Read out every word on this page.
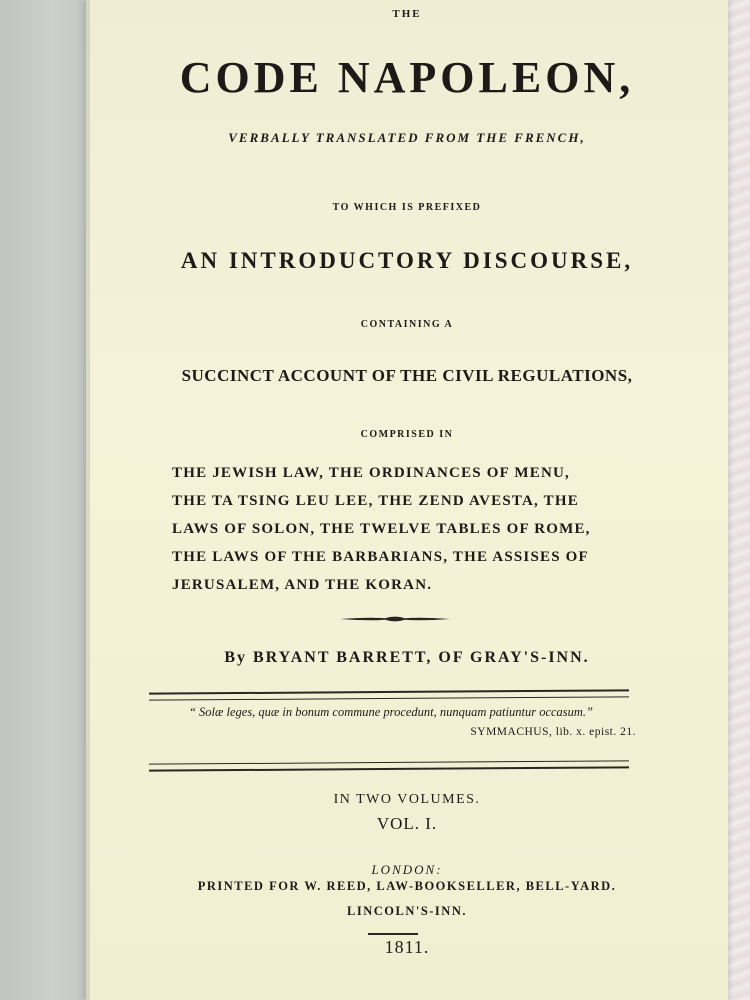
THE
CODE NAPOLEON,
VERBALLY TRANSLATED FROM THE FRENCH,
TO WHICH IS PREFIXED
AN INTRODUCTORY DISCOURSE,
CONTAINING A
SUCCINCT ACCOUNT OF THE CIVIL REGULATIONS,
COMPRISED IN
THE JEWISH LAW, THE ORDINANCES OF MENU,
THE TA TSING LEU LEE, THE ZEND AVESTA, THE
LAWS OF SOLON, THE TWELVE TABLES OF ROME,
THE LAWS OF THE BARBARIANS, THE ASSISES OF
JERUSALEM, AND THE KORAN.
By BRYANT BARRETT, OF GRAY'S-INN.
“ Solæ leges, quæ in bonum commune procedunt, nunquam patiuntur occasum.”
SYMMACHUS, lib. x. epist. 21.
IN TWO VOLUMES.
VOL. I.
LONDON:
PRINTED FOR W. REED, LAW-BOOKSELLER, BELL-YARD.
LINCOLN'S-INN.
1811.
